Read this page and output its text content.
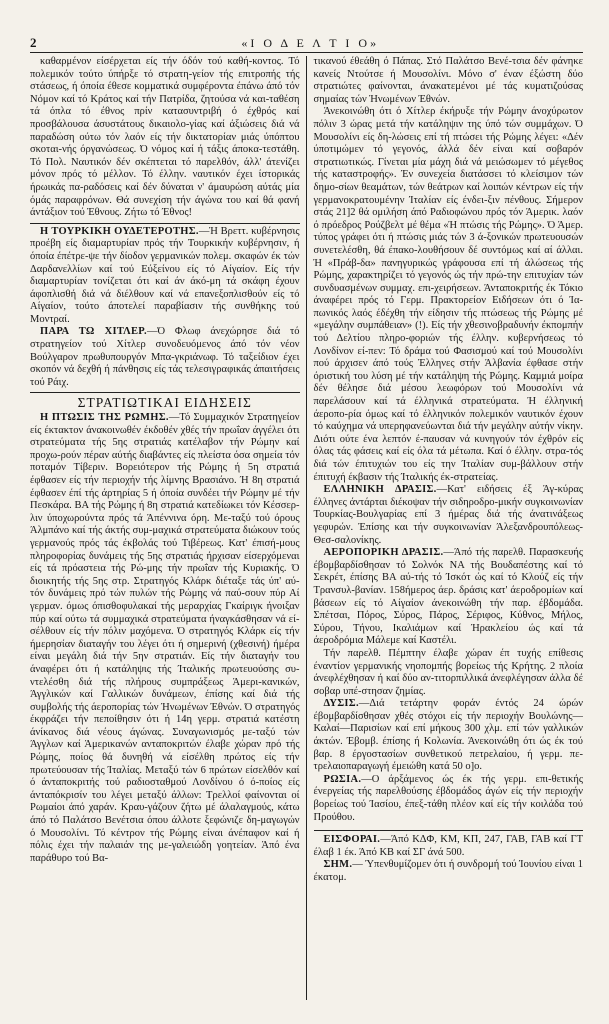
2	«Ι Ο Δ Ε Λ Τ Ι Ο»

καθαρμένον είσέρχεται είς τήν όδόν τού καθή-κοντος. Τό πολεμικόν τούτο ύπήρξε τό στρατη-γείον τής επιτροπής τής στάσεως, ή όποία έθεσε κομματικά συμφέροντα έπάνω άπό τόν Νόμον καί τό Κράτος καί τήν Πατρίδα, ζητούσα νά και-ταθέση τά όπλα τό έθνος πρίν κατασυντριβή ό έχθρός καί προσβάλουσα άσυστάτους δικαιολο-γίας καί άξιώσεις διά νά παραδώση ούτω τόν λαόν είς τήν δικτατορίαν μιάς ύπόπτου σκοται-νής όργανώσεως. Ό νόμος καί ή τάξις άποκα-τεστάθη. Τό Πολ. Ναυτικόν δέν σκέπτεται τό παρελθόν, άλλ' άτενίζει μόνον πρός τό μέλλον. Τό έλλην. ναυτικόν έχει ίστορικάς ήρωικάς πα-ραδόσεις καί δέν δύναται ν' άμαυρώση αύτάς μία όμάς παραφρόνων. Θά συνεχίση τήν άγώνα του καί θά φανή άντάξιον τού Έθνους. Ζήτω τό Έθνος!

Η ΤΟΥΡΚΙΚΗ ΟΥΔΕΤΕΡΟΤΗΣ.—Ή Βρεττ. κυβέρνησις προέβη είς διαμαρτυρίαν πρός τήν Τουρκικήν κυβέρνησιν, ή όποία έπέτρε-ψε τήν δίοδον γερμανικών πολεμ. σκαφών έκ τών Δαρδανελλίων καί τού Εύξείνου είς τό Αίγαίον. Είς τήν διαμαρτυρίαν τονίζεται ότι καί άν άκό-μη τά σκάφη έχουν άφοπλισθή διά νά διέλθουν καί νά επανεξοπλισθούν είς τό Αίγαίον, τούτο άποτελεί παραβίασιν τής συνθήκης τού Μοντραί.

ΠΑΡΑ ΤΩ ΧΙΤΛΕΡ.—Ό Φλωφ άνεχώρησε διά τό στρατηγείον τού Χίτλερ συνοδευόμενος άπό τόν νέον Βούλγαρον πρωθυπουργόν Μπα-γκριάνωφ. Τό ταξείδιον έχει σκοπόν νά δεχθή ή πάνθησις είς τάς τελεσιγραφικάς άπαιτήσεις τού Ράιχ.

ΣΤΡΑΤΙΩΤΙΚΑΙ ΕΙΔΗΣΕΙΣ

Η ΠΤΩΣΙΣ ΤΗΣ ΡΩΜΗΣ.—Τό Συμμαχικόν Στρατηγείον είς έκτακτον άνακοινωθέν έκδοθέν χθές τήν πρωΐαν άγγέλει ότι στρατεύματα τής 5ης στρατιάς κατέλαβον τήν Ρώμην καί προχω-ρούν πέραν αύτής διαβάντες είς πλείστα όσα σημεία τόν ποταμόν Τίβεριν. Βορειότερον τής Ρώμης ή 5η στρατιά έφθασεν είς τήν περιοχήν τής λίμνης Βρασιάνο. Ή 8η στρατιά έφθασεν έπί τής άρτηρίας 5 ή όποία συνδέει τήν Ρώμην μέ τήν Πεσκάρα. ΒΑ τής Ρώμης ή 8η στρατιά κατεδίωκει τόν Κέσσερ-λιν ύποχωρούντα πρός τά Άπέννινα όρη. Με-ταξύ τού όρους Άλμπάνο καί τής άκτής συμ-μαχικά στρατεύματα διώκουν τούς γερμανούς πρός τάς έκβολάς τού Τιβέρεως. Κατ' έπισή-μους πληροφορίας δυνάμεις τής 5ης στρατιάς ήρχισαν είσερχόμεναι είς τά πρόαστεια τής Ρώ-μης τήν πρωΐαν τής Κυριακής. Ό διοικητής τής 5ης στρ. Στρατηγός Κλάρκ διέταξε τάς ύπ' αύ-τόν δυνάμεις πρό τών πυλών τής Ρώμης νά παύ-σουν πύρ Αί γερμαν. όμως όπισθοφυλακαί τής μεραρχίας Γκαίριγκ ήνοιξαν πύρ καί ούτω τά συμμαχικά στρατεύματα ήναγκάσθησαν νά εί-σέλθουν είς τήν πόλιν μαχόμενα. Ό στρατηγός Κλάρκ είς τήν ήμερησίαν διαταγήν του λέγει ότι ή σημερινή (χθεσινή) ήμέρα είναι μεγάλη διά τήν 5ην στρατιάν. Είς τήν διαταγήν του άναφέρει ότι ή κατάληψις τής Ίταλικής πρωτευούσης συ-ντελέσθη διά τής πλήρους συμπράξεως Άμερι-κανικών, Άγγλικών καί Γαλλικών δυνάμεων, έπίσης καί διά τής συμβολής τής άεροπορίας τών Ήνωμένων Έθνών. Ό στρατηγός έκφράζει τήν πεποίθησιν ότι ή 14η γερμ. στρατιά κατέστη άνίκανος διά νέους άγώνας. Συναγωνισμός με-ταξύ τών Άγγλων καί Άμερικανών ανταποκριτών έλαβε χώραν πρό τής Ρώμης, ποίος θά δυνηθή νά είσέλθη πρώτος είς τήν πρωτεύουσαν τής Ίταλίας. Μεταξύ τών 6 πρώτων είσελθόν καί ό άνταποκριτής τού ραδιοσταθμού Λονδίνου ό ό-ποίος είς άνταπόκρισίν του λέγει μεταξύ άλλων: Τρελλοί φαίνονται οί Ρωμαίοι άπό χαράν. Κραυ-γάζουν ζήτω μέ άλαλαγμούς, κάτω άπό τό Παλάτσο Βενέτσια όπου άλλοτε ξεφώνιζε δη-μαγωγών ό Μουσολίνι. Τό κέντρον τής Ρώμης είναι άνέπαφον καί ή πόλις έχει τήν παλαιάν της με-γαλειώδη γοητείαν. Άπό ένα παράθυρο τού Βα-

τικανού έθεάθη ό Πάπας. Στό Παλάτσο Βενέ-τσια δέν φάνηκε κανείς Ντούτσε ή Μουσολίνι. Μόνο σ' έναν έξώστη δύο στρατιώτες φαίνονται, άνακατεμένοι μέ τάς κυματιζούσας σημαίας τών Ήνωμένων Έθνών.

Άνεκοινώθη ότι ό Χίτλερ έκήρυξε τήν Ρώμην άνοχύρωτον πόλιν 3 ώρας μετά τήν κατάληψιν της ύπό τών συμμάχων. Ό Μουσολίνι είς δη-λώσεις επί τή πτώσει τής Ρώμης λέγει: «Δέν ύποτιμώμεν τό γεγονός, άλλά δέν είναι καί σοβαρόν στρατιωτικώς. Γίνεται μία μάχη διά νά μειώσωμεν τό μέγεθος τής καταστροφής». Έν συνεχεία διατάσσει τό κλείσιμον τών δημο-σίων θεαμάτων, τών θεάτρων καί λοιπών κέντρων είς τήν γερμανοκρατουμένην Ίταλίαν είς ένδει-ξιν πένθους. Σήμερον στάς 21]2 θά ομιλήση άπό Ραδιοφώνου πρός τόν Άμερικ. λαόν ό πρόεδρος Ρούζβελτ μέ θέμα «Ή πτώσις τής Ρώμης». Ό Άμερ. τύπος γράφει ότι ή πτώσις μιάς τών 3 ά-ξονικών πρωτευουσών συνετελέσθη, θά έπακο-λουθήσουν δέ συντόμως καί αί άλλαι. Ή «Πράβ-δα» πανηγυρικώς γράφουσα επί τή άλώσεως τής Ρώμης, χαρακτηρίζει τό γεγονός ώς τήν πρώ-την επιτυχίαν τών συνδυασμένων συμμαχ. επι-χειρήσεων. Άνταποκριτής έκ Τόκιο άναφέρει πρός τό Γερμ. Πρακτορείον Ειδήσεων ότι ό Ία-πωνικός λαός έδέχθη τήν είδησιν τής πτώσεως τής Ρώμης μέ «μεγάλην συμπάθειαν» (!). Είς τήν χθεσινοβραδυνήν έκπομπήν τού Δελτίου πληρο-φοριών τής έλλην. κυβερνήσεως τό Λονδίνον εί-πεν: Τό δράμα τού Φασισμού καί τού Μουσολίνι πού άρχισεν άπό τούς Έλληνες στήν Άλβανία έφθασε στήν όριστική του λύση μέ τήν κατάληψη τής Ρώμης. Καμμιά μοίρα δέν θέλησε διά μέσου λεωφόρων τού Μουσολίνι νά παρελάσουν καί τά έλληνικά στρατεύματα. Ή έλληνική άεροπο-ρία όμως καί τό έλληνικόν πολεμικόν ναυτικόν έχουν τό καύχημα νά υπερηφανεύωνται διά τήν μεγάλην αύτήν νίκην. Διότι ούτε ένα λεπτόν έ-παυσαν νά κυνηγούν τόν έχθρόν είς όλας τάς φάσεις καί είς όλα τά μέτωπα. Καί ό έλλην. στρα-τός διά τών έπιτυχιών του είς την Ίταλίαν συμ-βάλλουν στήν έπιτυχή έκβασιν τής Ίταλικής έκ-στρατείας.

ΕΛΛΗΝΙΚΗ ΔΡΑΣΙΣ.—Κατ' ειδήσεις έξ Άγ-κύρας έλληνες άντάρται διέκοψαν τήν σιδηροδρο-μικήν συγκοινωνίαν Τουρκίας-Βουλγαρίας επί 3 ήμέρας διά τής άνατινάξεως γεφυρών. Έπίσης και τήν συγκοινωνίαν Άλεξανδρουπόλεως-Θεσ-σαλονίκης.

ΑΕΡΟΠΟΡΙΚΗ ΔΡΑΣΙΣ.—Άπό τής παρελθ. Παρασκευής έβομβαρδίσθησαν τό Σολνόκ ΝΑ τής Βουδαπέστης καί τό Σεκρέτ, έπίσης ΒΑ αύ-τής τό Ίσκότ ώς καί τό Κλούζ είς τήν Τρανσυλ-βανίαν. 158ήμερος άερ. δράσις κατ' άεροδρομίων καί βάσεων είς τό Αίγαίον άνεκοινώθη τήν παρ. έβδομάδα. Σπέτσαι, Πόρος, Σύρος, Πάρος, Σέριφος, Κύθνος, Μήλος, Σύρου, Τήνου, Ικαλιάμων καί Ήρακλείου ώς καί τά άεροδρόμια Μάλεμε καί Καστέλι.

Τήν παρελθ. Πέμπτην έλαβε χώραν έπ τυχής επίθεσις έναντίον γερμανικής νηοπομπής βορείως τής Κρήτης. 2 πλοία άνεφλέχθησαν ή καί δύο αν-τιτορπιλλικά άνεφλέγησαν άλλα δέ σοβαρ υπέ-στησαν ζημίας.

ΔΥΣΙΣ.—Διά τετάρτην φοράν έντός 24 ώρών έβομβαρδίσθησαν χθές στόχοι είς τήν περιοχήν Βουλώνης—Καλαί—Παρισίων καί επί μήκους 300 χλμ. επί τών γαλλικών άκτών. Έβομβ. έπίσης ή Κολωνία. Άνεκοινώθη ότι ώς έκ τού βαρ. 8 έργοστασίων συνθετικού πετρελαίου, ή γερμ. πε-τρελαιοπαραγωγή έμειώθη κατά 50 ο]ο.

ΡΩΣΙΑ.—Ο άρξάμενος ώς έκ τής γερμ. επι-θετικής ένεργείας τής παρελθούσης έβδομάδος άγών είς τήν περιοχήν βορείως τού Ίασίου, έπεξ-τάθη πλέον καί είς τήν κοιλάδα τού Προύθου.

ΕΙΣΦΟΡΑΙ.—Άπό ΚΔΦ, ΚΜ, ΚΠ, 247, ΓΑΒ, ΓΑΒ καί ΓΤ έλαβ 1 έκ. Άπό ΚΒ καί ΣΓ άνά 500.

ΣΗΜ.— Ύπενθυμίζομεν ότι ή συνδρομή τού Ίουνίου είναι 1 έκατομ.
